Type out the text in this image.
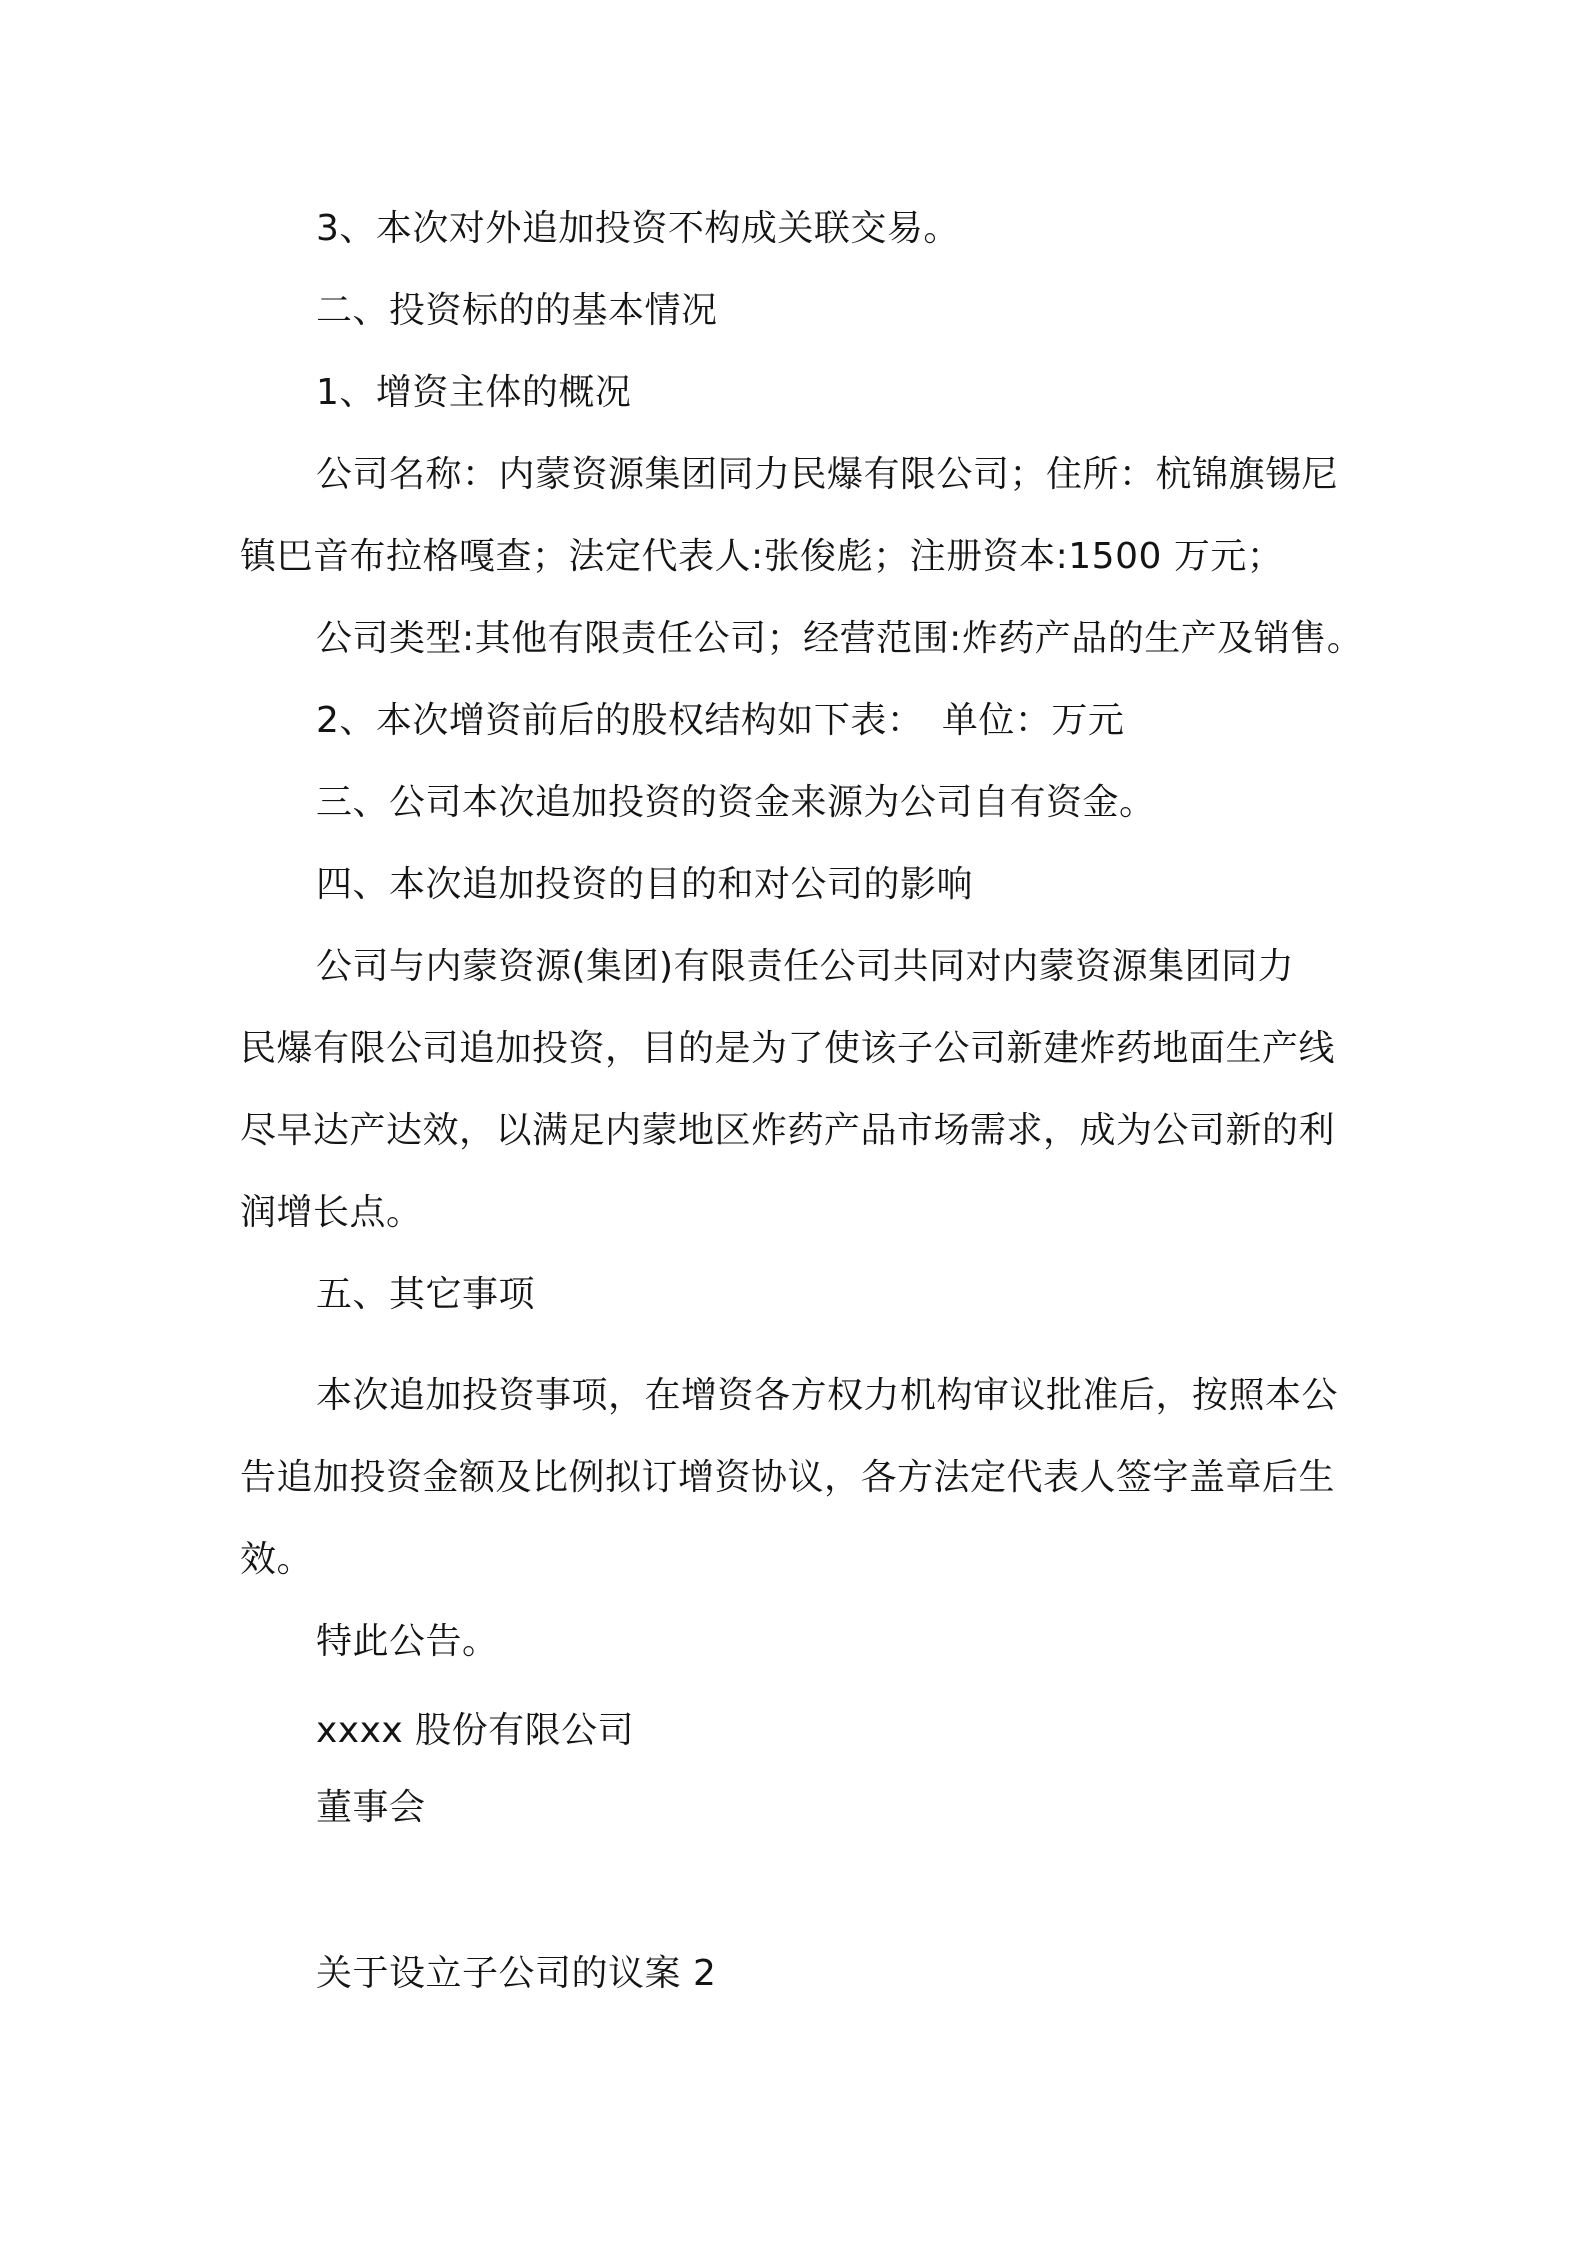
3、本次对外追加投资不构成关联交易。

二、投资标的的基本情况

1、增资主体的概况

公司名称：内蒙资源集团同力民爆有限公司；住所：杭锦旗锡尼

镇巴音布拉格嘎查；法定代表人:张俊彪；注册资本:1500 万元；

公司类型:其他有限责任公司；经营范围:炸药产品的生产及销售。

2、本次增资前后的股权结构如下表：　单位：万元

三、公司本次追加投资的资金来源为公司自有资金。

四、本次追加投资的目的和对公司的影响

公司与内蒙资源(集团)有限责任公司共同对内蒙资源集团同力

民爆有限公司追加投资，目的是为了使该子公司新建炸药地面生产线

尽早达产达效，以满足内蒙地区炸药产品市场需求，成为公司新的利

润增长点。

五、其它事项

本次追加投资事项，在增资各方权力机构审议批准后，按照本公

告追加投资金额及比例拟订增资协议，各方法定代表人签字盖章后生

效。

特此公告。

xxxx 股份有限公司

董事会

关于设立子公司的议案 2
